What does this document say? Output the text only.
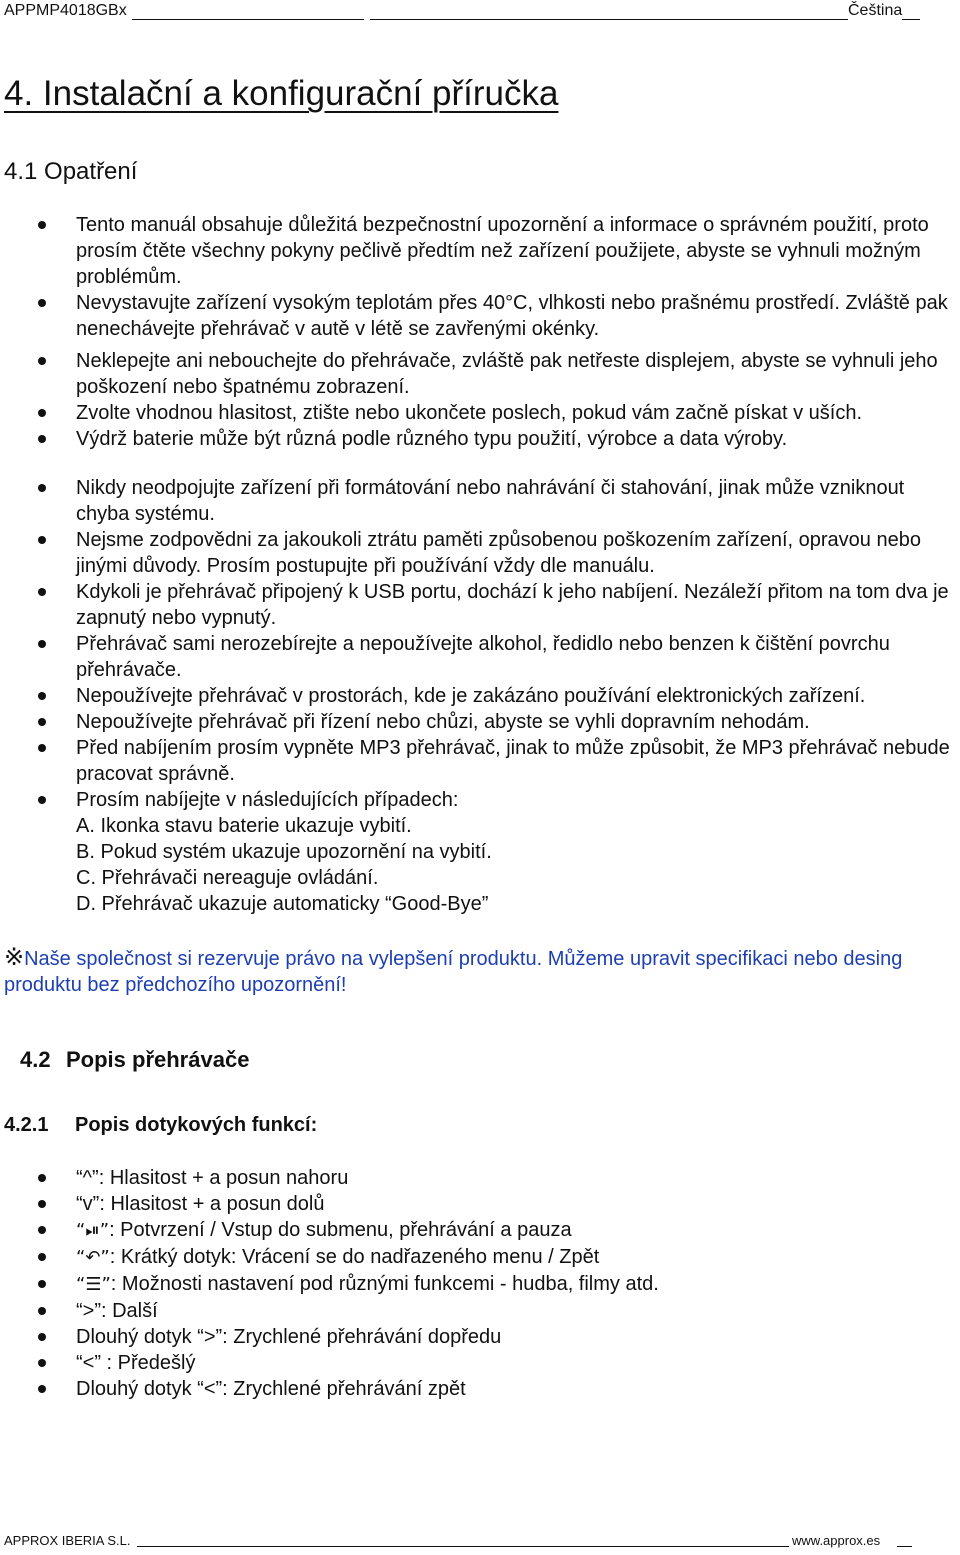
APPMP4018GBx	Čeština
4. Instalační a konfigurační příručka
4.1 Opatření
Tento manuál obsahuje důležitá bezpečnostní upozornění a informace o správném použití, proto prosím čtěte všechny pokyny pečlivě předtím než zařízení použijete, abyste se vyhnuli možným problémům.
Nevystavujte zařízení vysokým teplotám přes 40°C, vlhkosti nebo prašnému prostředí. Zvláště pak nenechávejte přehrávač v autě v létě se zavřenými okénky.
Neklepejte ani nebouchejte do přehrávače, zvláště pak netřeste displejem, abyste se vyhnuli jeho poškození nebo špatnému zobrazení.
Zvolte vhodnou hlasitost, ztište nebo ukončete poslech, pokud vám začně pískat v uších.
Výdrž baterie může být různá podle různého typu použití, výrobce a data výroby.
Nikdy neodpojujte zařízení při formátování nebo nahrávání či stahování, jinak může vzniknout chyba systému.
Nejsme zodpovědni za jakoukoli ztrátu paměti způsobenou poškozením zařízení, opravou nebo jinými důvody. Prosím postupujte při používání vždy dle manuálu.
Kdykoli je přehrávač připojený k USB portu, dochází k jeho nabíjení. Nezáleží přitom na tom dva je zapnutý nebo vypnutý.
Přehrávač sami nerozebírejte a nepoužívejte alkohol, ředidlo nebo benzen k čištění povrchu přehrávače.
Nepoužívejte přehrávač v prostorách, kde je zakázáno používání elektronických zařízení.
Nepoužívejte přehrávač při řízení nebo chůzi, abyste se vyhli dopravním nehodám.
Před nabíjením prosím vypněte MP3 přehrávač, jinak to může způsobit, že MP3 přehrávač nebude pracovat správně.
Prosím nabíjejte v následujících případech:
A. Ikonka stavu baterie ukazuje vybití.
B. Pokud systém ukazuje upozornění na vybití.
C. Přehrávači nereaguje ovládání.
D. Přehrávač ukazuje automaticky “Good-Bye”
※Naše společnost si rezervuje právo na vylepšení produktu. Můžeme upravit specifikaci nebo desing produktu bez předchozího upozornění!
4.2 Popis přehrávače
4.2.1 Popis dotykových funkcí:
“^”: Hlasitost + a posun nahoru
“v”: Hlasitost + a posun dolů
“⏯”: Potvrzení / Vstup do submenu, přehrávání a pauza
“↶”: Krátký dotyk: Vrácení se do nadřazeného menu / Zpět
“☰”: Možnosti nastavení pod různými funkcemi - hudba, filmy atd.
“>”: Další
Dlouhý dotyk “>”: Zrychlené přehrávání dopředu
“<” : Předešlý
Dlouhý dotyk “<”: Zrychlené přehrávání zpět
APPROX IBERIA S.L.	www.approx.es
